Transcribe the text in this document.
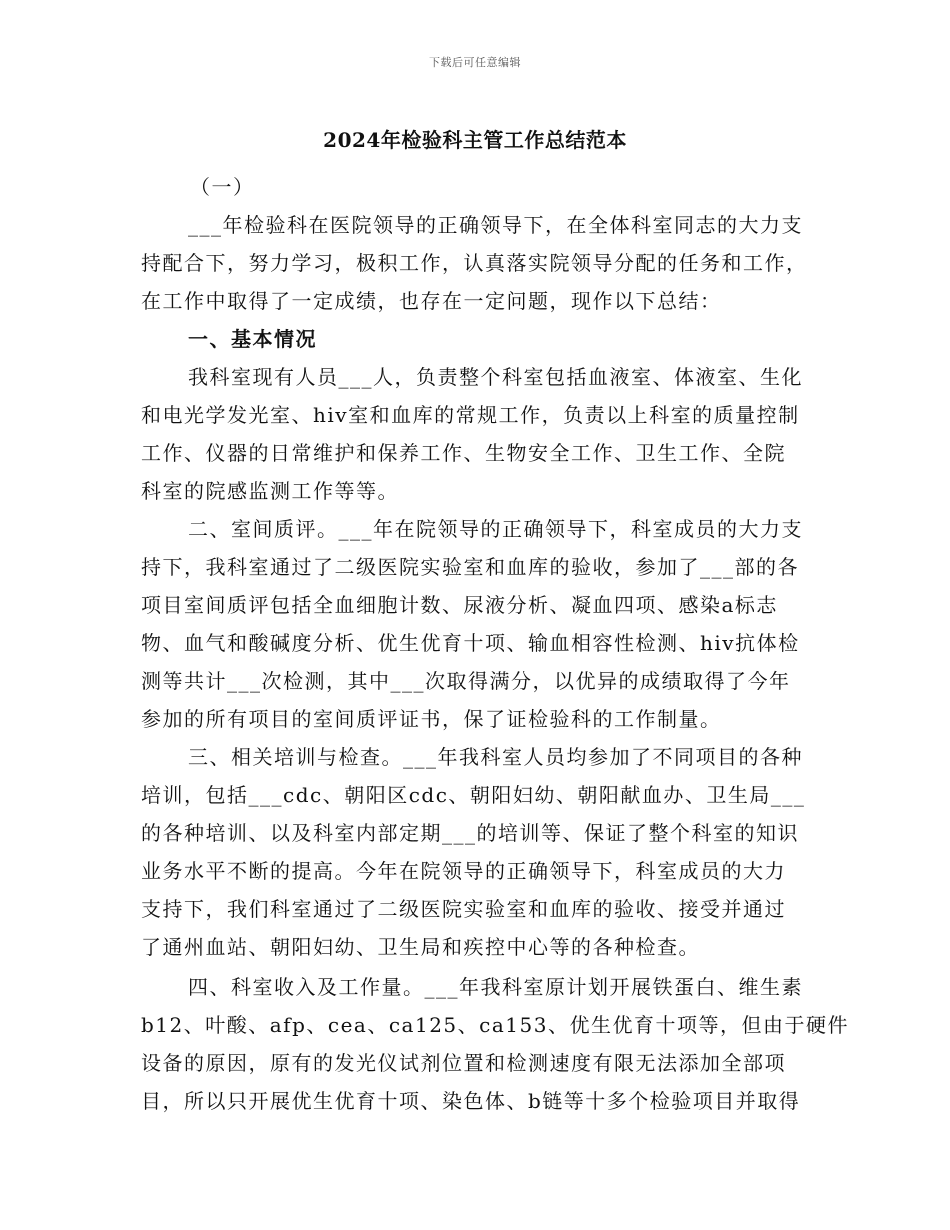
下载后可任意编辑
2024年检验科主管工作总结范本
（一）
___年检验科在医院领导的正确领导下，在全体科室同志的大力支
持配合下，努力学习，极积工作，认真落实院领导分配的任务和工作，
在工作中取得了一定成绩，也存在一定问题，现作以下总结：
一、基本情况
我科室现有人员___人，负责整个科室包括血液室、体液室、生化
和电光学发光室、hiv室和血库的常规工作，负责以上科室的质量控制
工作、仪器的日常维护和保养工作、生物安全工作、卫生工作、全院
科室的院感监测工作等等。
二、室间质评。___年在院领导的正确领导下，科室成员的大力支
持下，我科室通过了二级医院实验室和血库的验收，参加了___部的各
项目室间质评包括全血细胞计数、尿液分析、凝血四项、感染a标志
物、血气和酸碱度分析、优生优育十项、输血相容性检测、hiv抗体检
测等共计___次检测，其中___次取得满分，以优异的成绩取得了今年
参加的所有项目的室间质评证书，保了证检验科的工作制量。
三、相关培训与检查。___年我科室人员均参加了不同项目的各种
培训，包括___cdc、朝阳区cdc、朝阳妇幼、朝阳献血办、卫生局___
的各种培训、以及科室内部定期___的培训等、保证了整个科室的知识
业务水平不断的提高。今年在院领导的正确领导下，科室成员的大力
支持下，我们科室通过了二级医院实验室和血库的验收、接受并通过
了通州血站、朝阳妇幼、卫生局和疾控中心等的各种检查。
四、科室收入及工作量。___年我科室原计划开展铁蛋白、维生素
b12、叶酸、afp、cea、ca125、ca153、优生优育十项等，但由于硬件
设备的原因，原有的发光仪试剂位置和检测速度有限无法添加全部项
目，所以只开展优生优育十项、染色体、b链等十多个检验项目并取得
